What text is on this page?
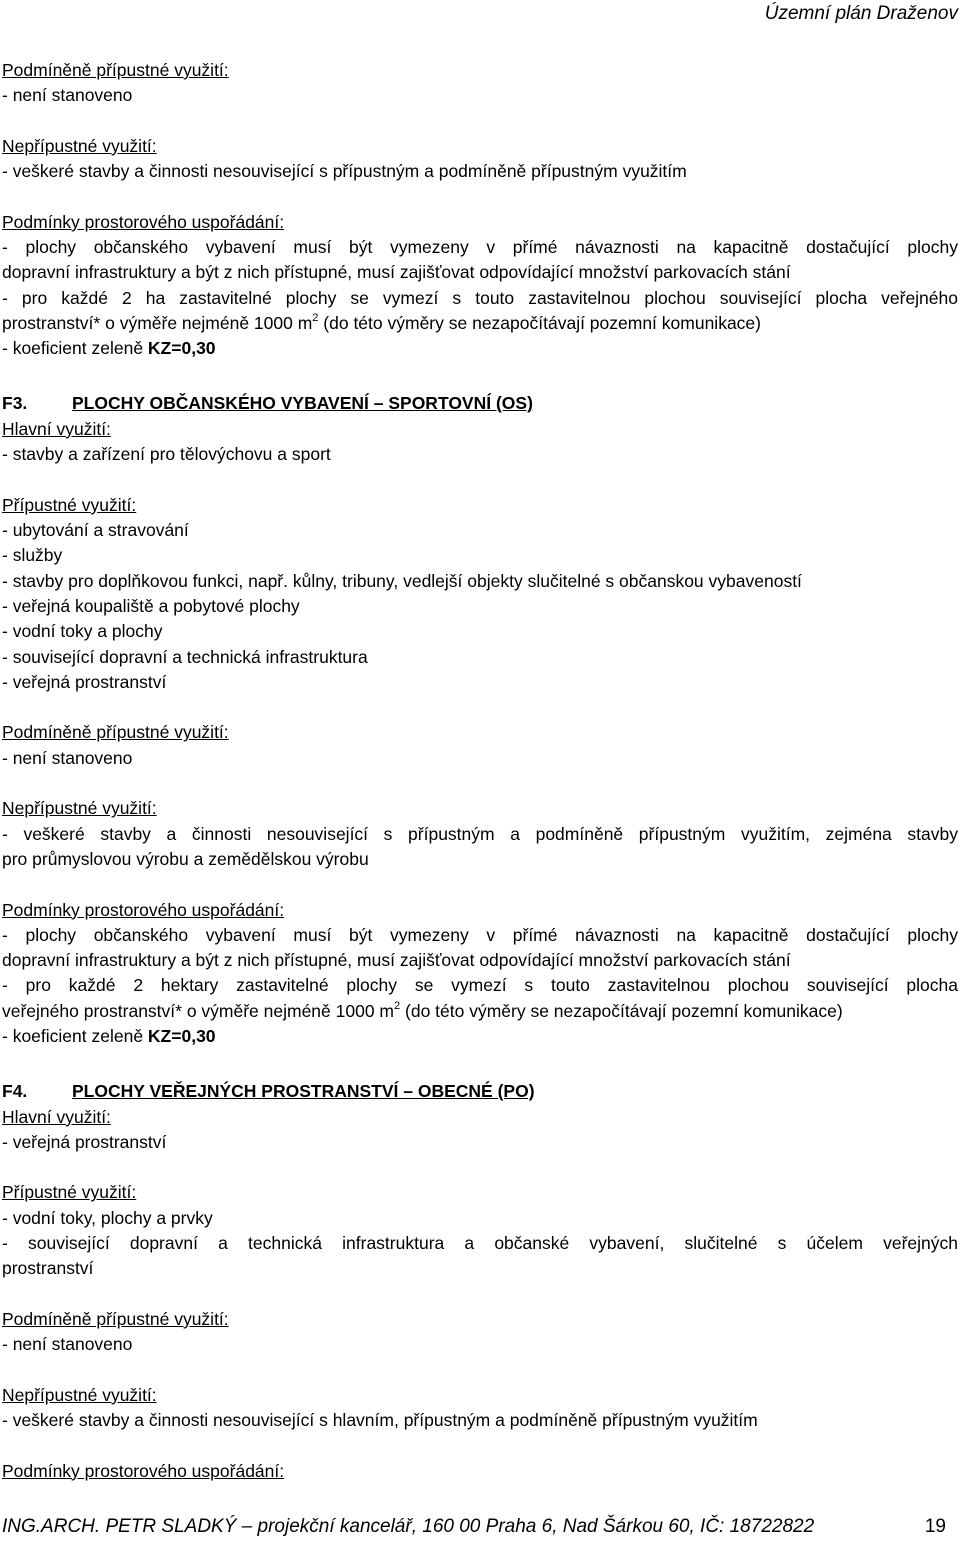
Územní plán Draženov
Podmíněně přípustné využití:
- není stanoveno
Nepřípustné využití:
- veškeré stavby a činnosti nesouvisející s přípustným a podmíněně přípustným využitím
Podmínky prostorového uspořádání:
- plochy občanského vybavení musí být vymezeny v přímé návaznosti na kapacitně dostačující plochy
dopravní infrastruktury a být z nich přístupné, musí zajišťovat odpovídající množství parkovacích stání
- pro každé 2 ha zastavitelné plochy se vymezí s touto zastavitelnou plochou související plocha veřejného
prostranství* o výměře nejméně 1000 $m^2$ (do této výměry se nezapočítávají pozemní komunikace)
- koeficient zeleně KZ=0,30
F3.	PLOCHY OBČANSKÉHO VYBAVENÍ – SPORTOVNÍ (OS)
Hlavní využití:
- stavby a zařízení pro tělovýchovu a sport
Přípustné využití:
- ubytování a stravování
- služby
- stavby pro doplňkovou funkci, např. kůlny, tribuny, vedlejší objekty slučitelné s občanskou vybaveností
- veřejná koupaliště a pobytové plochy
- vodní toky a plochy
- související dopravní a technická infrastruktura
- veřejná prostranství
Podmíněně přípustné využití:
- není stanoveno
Nepřípustné využití:
- veškeré stavby a činnosti nesouvisející s přípustným a podmíněně přípustným využitím, zejména stavby
pro průmyslovou výrobu a zemědělskou výrobu
Podmínky prostorového uspořádání:
- plochy občanského vybavení musí být vymezeny v přímé návaznosti na kapacitně dostačující plochy
dopravní infrastruktury a být z nich přístupné, musí zajišťovat odpovídající množství parkovacích stání
- pro každé 2 hektary zastavitelné plochy se vymezí s touto zastavitelnou plochou související plocha
veřejného prostranství* o výměře nejméně 1000 $m^2$ (do této výměry se nezapočítávají pozemní komunikace)
- koeficient zeleně KZ=0,30
F4.	PLOCHY VEŘEJNÝCH PROSTRANSTVÍ – OBECNÉ (PO)
Hlavní využití:
- veřejná prostranství
Přípustné využití:
- vodní toky, plochy a prvky
- související dopravní a technická infrastruktura a občanské vybavení, slučitelné s účelem veřejných
prostranství
Podmíněně přípustné využití:
- není stanoveno
Nepřípustné využití:
- veškeré stavby a činnosti nesouvisející s hlavním, přípustným a podmíněně přípustným využitím
Podmínky prostorového uspořádání:
ING.ARCH. PETR SLADKÝ – projekční kancelář, 160 00 Praha 6, Nad Šárkou 60, IČ: 18722822	19
